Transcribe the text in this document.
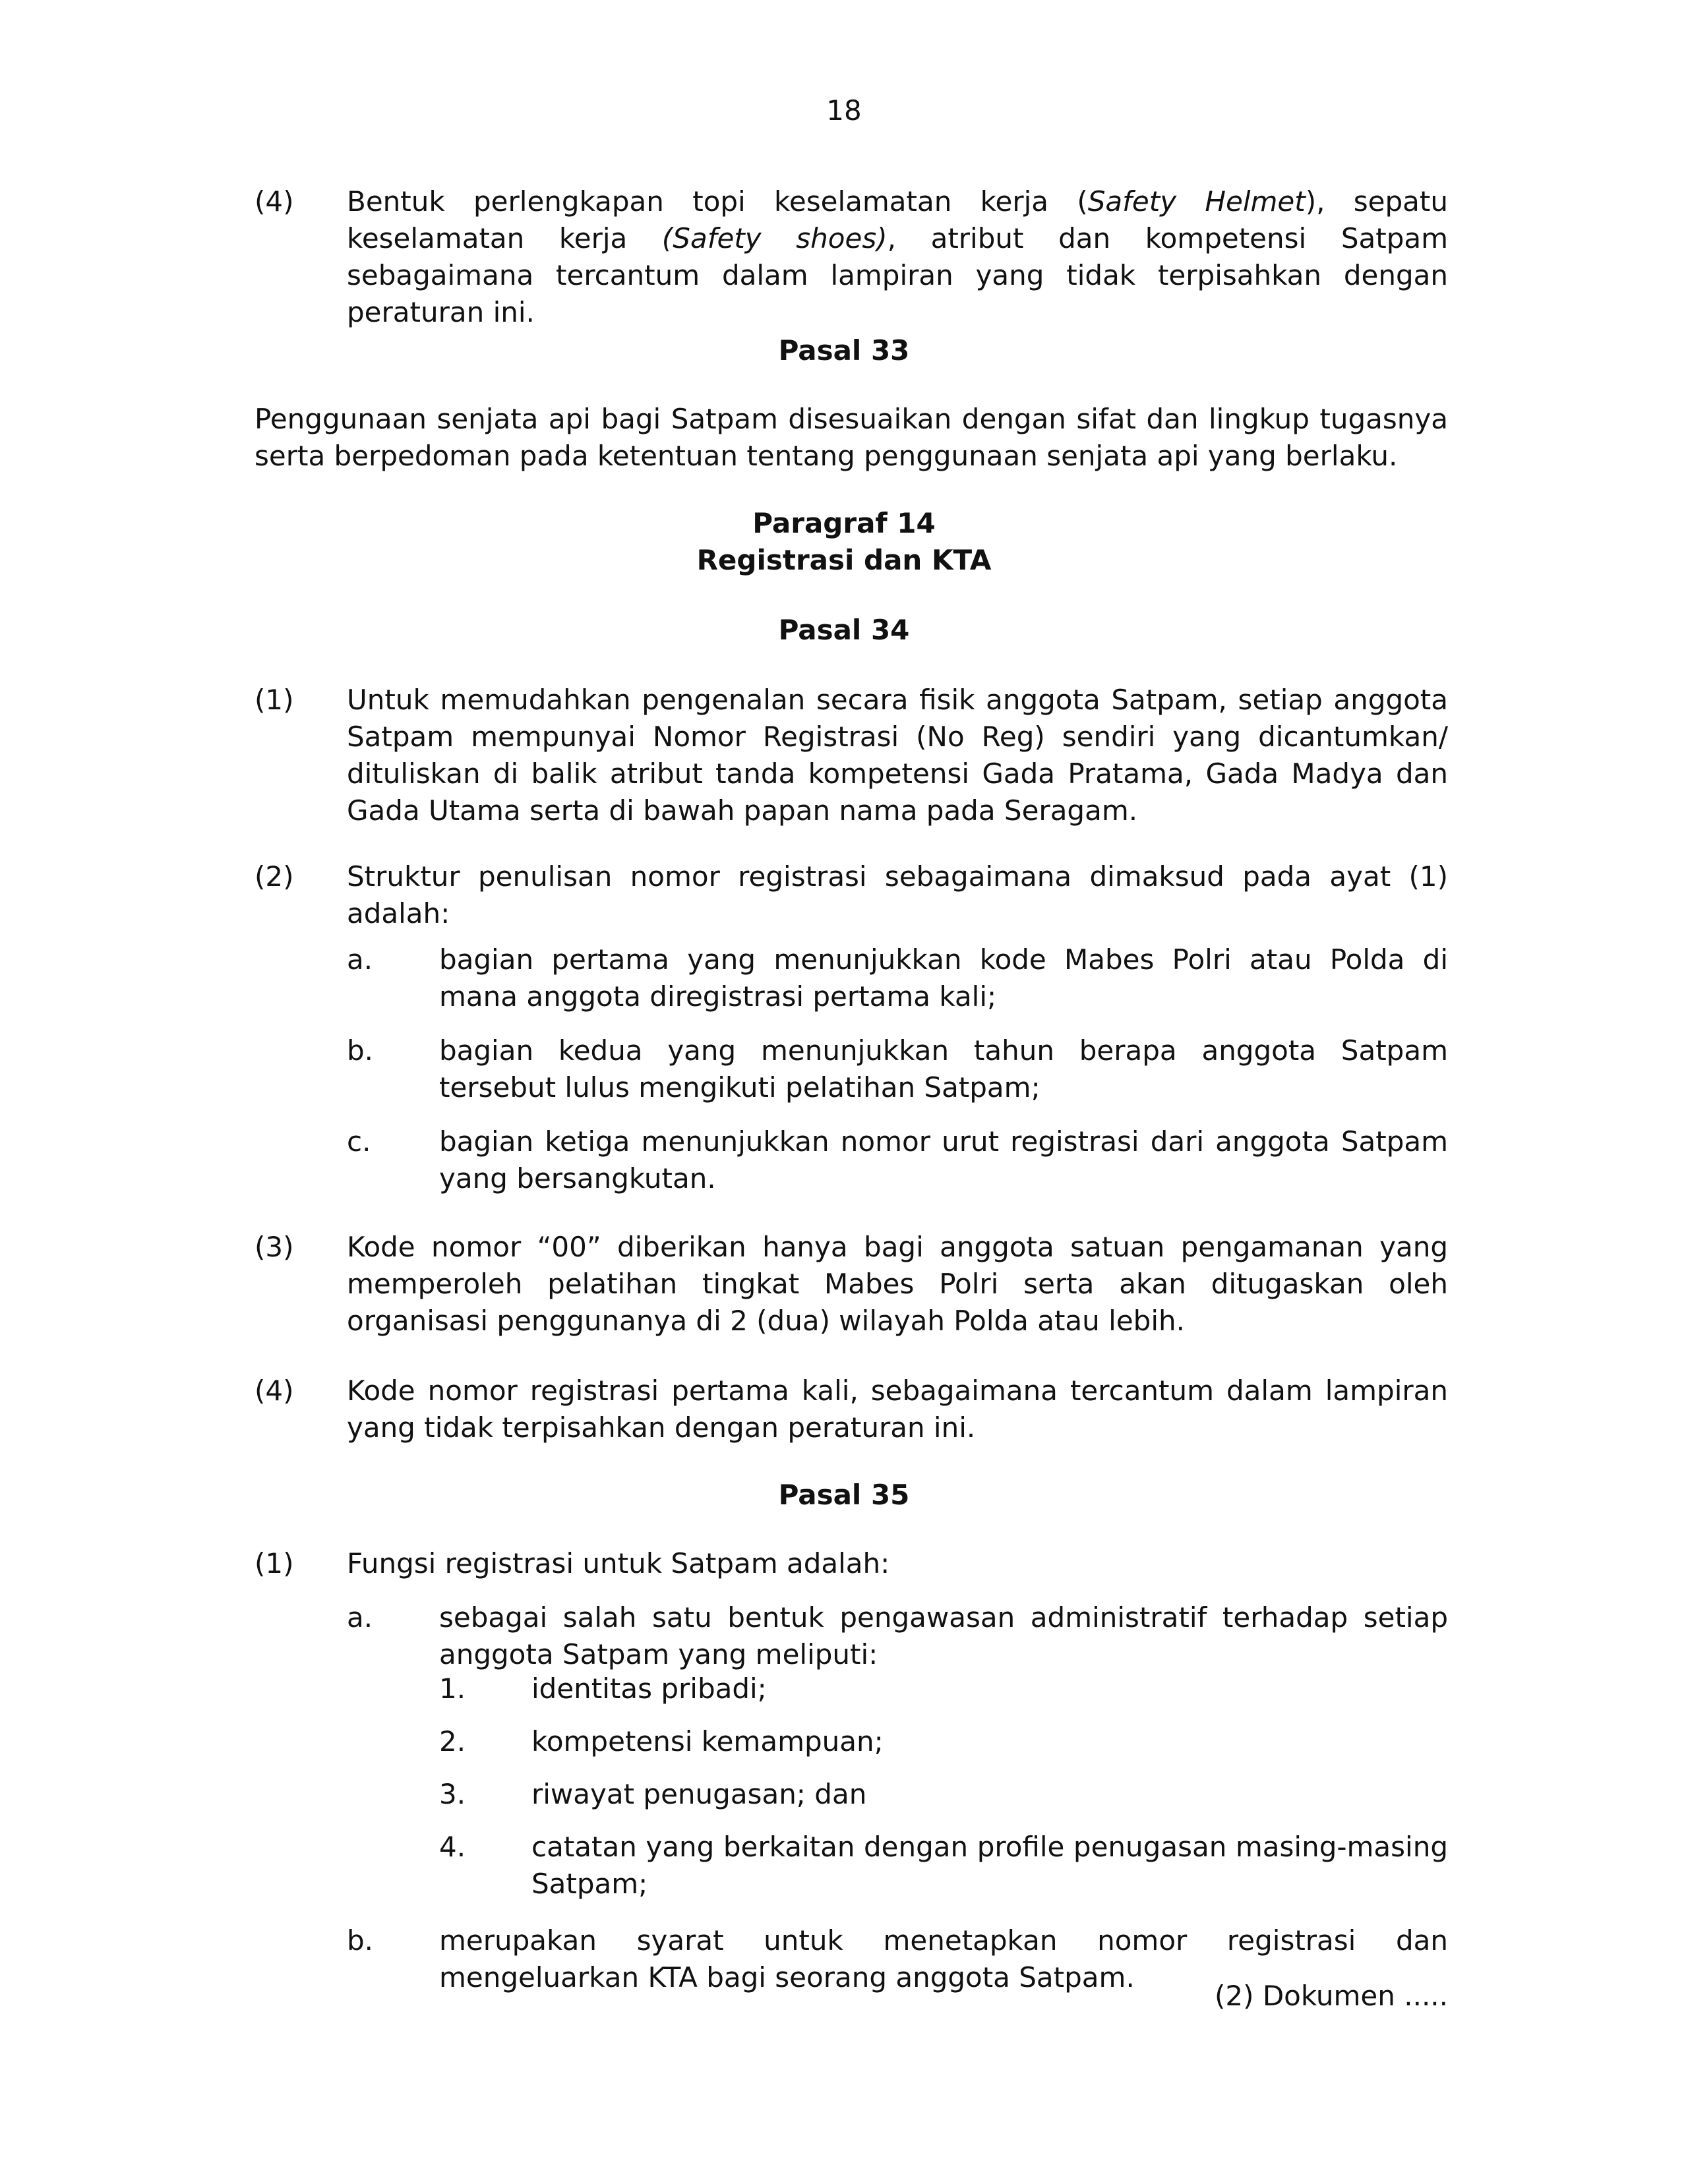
18
(4) Bentuk perlengkapan topi keselamatan kerja (Safety Helmet), sepatu keselamatan kerja (Safety shoes), atribut dan kompetensi Satpam sebagaimana tercantum dalam lampiran yang tidak terpisahkan dengan peraturan ini.
Pasal 33
Penggunaan senjata api bagi Satpam disesuaikan dengan sifat dan lingkup tugasnya serta berpedoman pada ketentuan tentang penggunaan senjata api yang berlaku.
Paragraf 14
Registrasi dan KTA
Pasal 34
(1) Untuk memudahkan pengenalan secara fisik anggota Satpam, setiap anggota Satpam mempunyai Nomor Registrasi (No Reg) sendiri yang dicantumkan/ dituliskan di balik atribut tanda kompetensi Gada Pratama, Gada Madya dan Gada Utama serta di bawah papan nama pada Seragam.
(2) Struktur penulisan nomor registrasi sebagaimana dimaksud pada ayat (1) adalah:
a. bagian pertama yang menunjukkan kode Mabes Polri atau Polda di mana anggota diregistrasi pertama kali;
b. bagian kedua yang menunjukkan tahun berapa anggota Satpam tersebut lulus mengikuti pelatihan Satpam;
c. bagian ketiga menunjukkan nomor urut registrasi dari anggota Satpam yang bersangkutan.
(3) Kode nomor “00” diberikan hanya bagi anggota satuan pengamanan yang memperoleh pelatihan tingkat Mabes Polri serta akan ditugaskan oleh organisasi penggunanya di 2 (dua) wilayah Polda atau lebih.
(4) Kode nomor registrasi pertama kali, sebagaimana tercantum dalam lampiran yang tidak terpisahkan dengan peraturan ini.
Pasal 35
(1) Fungsi registrasi untuk Satpam adalah:
a. sebagai salah satu bentuk pengawasan administratif terhadap setiap anggota Satpam yang meliputi:
1. identitas pribadi;
2. kompetensi kemampuan;
3. riwayat penugasan; dan
4. catatan yang berkaitan dengan profile penugasan masing-masing Satpam;
b. merupakan syarat untuk menetapkan nomor registrasi dan mengeluarkan KTA bagi seorang anggota Satpam.
(2) Dokumen .....
